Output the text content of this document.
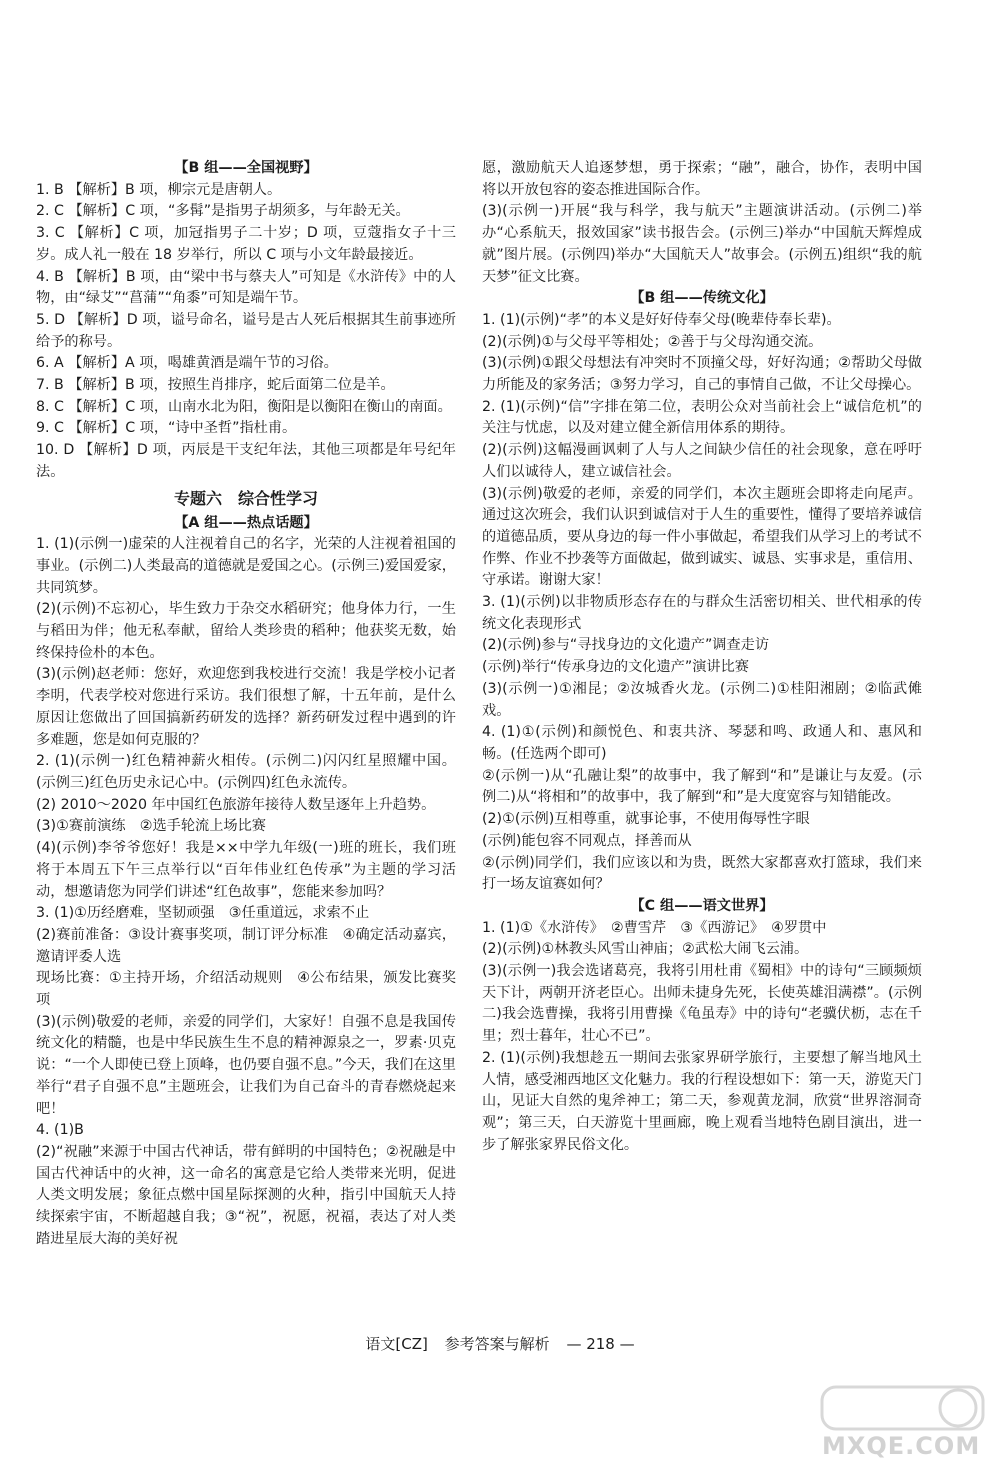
【B 组——全国视野】
1. B 【解析】B 项，柳宗元是唐朝人。
2. C 【解析】C 项，“多髯”是指男子胡须多，与年龄无关。
3. C 【解析】C 项，加冠指男子二十岁；D 项，豆蔻指女子十三岁。成人礼一般在 18 岁举行，所以 C 项与小文年龄最接近。
4. B 【解析】B 项，由“梁中书与蔡夫人”可知是《水浒传》中的人物，由“绿艾”“菖蒲”“角黍”可知是端午节。
5. D 【解析】D 项，谥号命名，谥号是古人死后根据其生前事迹所给予的称号。
6. A 【解析】A 项，喝雄黄酒是端午节的习俗。
7. B 【解析】B 项，按照生肖排序，蛇后面第二位是羊。
8. C 【解析】C 项，山南水北为阳，衡阳是以衡阳在衡山的南面。
9. C 【解析】C 项，“诗中圣哲”指杜甫。
10. D 【解析】D 项，丙辰是干支纪年法，其他三项都是年号纪年法。
专题六　综合性学习
【A 组——热点话题】
1. (1)(示例一)虚荣的人注视着自己的名字，光荣的人注视着祖国的事业。(示例二)人类最高的道德就是爱国之心。(示例三)爱国爱家，共同筑梦。
(2)(示例)不忘初心，毕生致力于杂交水稻研究；他身体力行，一生与稻田为伴；他无私奉献，留给人类珍贵的稻种；他获奖无数，始终保持俭朴的本色。
(3)(示例)赵老师：您好，欢迎您到我校进行交流！我是学校小记者李明，代表学校对您进行采访。我们很想了解，十五年前，是什么原因让您做出了回国搞新药研发的选择？新药研发过程中遇到的许多难题，您是如何克服的？
2. (1)(示例一)红色精神薪火相传。(示例二)闪闪红星照耀中国。(示例三)红色历史永记心中。(示例四)红色永流传。
(2) 2010～2020 年中国红色旅游年接待人数呈逐年上升趋势。
(3)①赛前演练　②选手轮流上场比赛
(4)(示例)李爷爷您好！我是××中学九年级(一)班的班长，我们班将于本周五下午三点举行以“百年伟业红色传承”为主题的学习活动，想邀请您为同学们讲述“红色故事”，您能来参加吗？
3. (1)①历经磨难，坚韧顽强　③任重道远，求索不止
(2)赛前准备：③设计赛事奖项，制订评分标准　④确定活动嘉宾，邀请评委人选
现场比赛：①主持开场，介绍活动规则　④公布结果，颁发比赛奖项
(3)(示例)敬爱的老师，亲爱的同学们，大家好！自强不息是我国传统文化的精髓，也是中华民族生生不息的精神源泉之一，罗素·贝克说：“一个人即使已登上顶峰，也仍要自强不息。”今天，我们在这里举行“君子自强不息”主题班会，让我们为自己奋斗的青春燃烧起来吧！
4. (1)B
(2)“祝融”来源于中国古代神话，带有鲜明的中国特色；②祝融是中国古代神话中的火神，这一命名的寓意是它给人类带来光明，促进人类文明发展；象征点燃中国星际探测的火种，指引中国航天人持续探索宇宙，不断超越自我；③“祝”，祝愿，祝福，表达了对人类踏进星辰大海的美好祝
愿，激励航天人追逐梦想，勇于探索；“融”，融合，协作，表明中国将以开放包容的姿态推进国际合作。
(3)(示例一)开展“我与科学，我与航天”主题演讲活动。(示例二)举办“心系航天，报效国家”读书报告会。(示例三)举办“中国航天辉煌成就”图片展。(示例四)举办“大国航天人”故事会。(示例五)组织“我的航天梦”征文比赛。
【B 组——传统文化】
1. (1)(示例)“孝”的本义是好好侍奉父母(晚辈侍奉长辈)。
(2)(示例)①与父母平等相处；②善于与父母沟通交流。
(3)(示例)①跟父母想法有冲突时不顶撞父母，好好沟通；②帮助父母做力所能及的家务活；③努力学习，自己的事情自己做，不让父母操心。
2. (1)(示例)“信”字排在第二位，表明公众对当前社会上“诚信危机”的关注与忧虑，以及对建立健全新信用体系的期待。
(2)(示例)这幅漫画讽刺了人与人之间缺少信任的社会现象，意在呼吁人们以诚待人，建立诚信社会。
(3)(示例)敬爱的老师，亲爱的同学们，本次主题班会即将走向尾声。通过这次班会，我们认识到诚信对于人生的重要性，懂得了要培养诚信的道德品质，要从身边的每一件小事做起，希望我们从学习上的考试不作弊、作业不抄袭等方面做起，做到诚实、诚恳、实事求是，重信用、守承诺。谢谢大家！
3. (1)(示例)以非物质形态存在的与群众生活密切相关、世代相承的传统文化表现形式
(2)(示例)参与“寻找身边的文化遗产”调查走访
(示例)举行“传承身边的文化遗产”演讲比赛
(3)(示例一)①湘昆；②汝城香火龙。(示例二)①桂阳湘剧；②临武傩戏。
4. (1)①(示例)和颜悦色、和衷共济、琴瑟和鸣、政通人和、惠风和畅。(任选两个即可)
②(示例一)从“孔融让梨”的故事中，我了解到“和”是谦让与友爱。(示例二)从“将相和”的故事中，我了解到“和”是大度宽容与知错能改。
(2)①(示例)互相尊重，就事论事，不使用侮辱性字眼
(示例)能包容不同观点，择善而从
②(示例)同学们，我们应该以和为贵，既然大家都喜欢打篮球，我们来打一场友谊赛如何？
【C 组——语文世界】
1. (1)①《水浒传》　②曹雪芹　③《西游记》　④罗贯中
(2)(示例)①林教头风雪山神庙；②武松大闹飞云浦。
(3)(示例一)我会选诸葛亮，我将引用杜甫《蜀相》中的诗句“三顾频烦天下计，两朝开济老臣心。出师未捷身先死，长使英雄泪满襟”。(示例二)我会选曹操，我将引用曹操《龟虽寿》中的诗句“老骥伏枥，志在千里；烈士暮年，壮心不已”。
2. (1)(示例)我想趁五一期间去张家界研学旅行，主要想了解当地风土人情，感受湘西地区文化魅力。我的行程设想如下：第一天，游览天门山，见证大自然的鬼斧神工；第二天，参观黄龙洞，欣赏“世界溶洞奇观”；第三天，白天游览十里画廊，晚上观看当地特色剧目演出，进一步了解张家界民俗文化。
语文[CZ] 参考答案与解析 — 218 —
MXQE.COM
